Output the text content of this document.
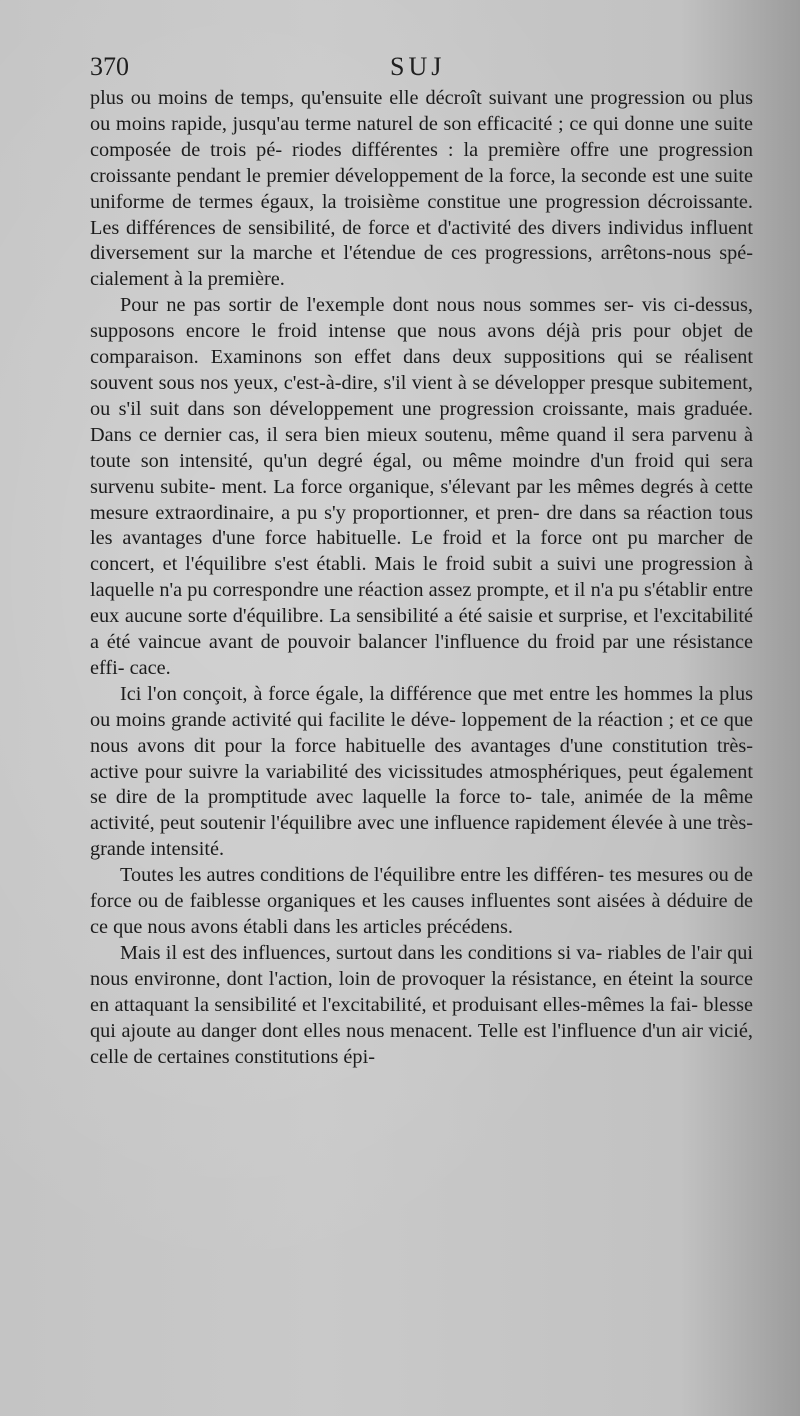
370	SUJ

plus ou moins de temps, qu'ensuite elle décroît suivant une progression ou plus ou moins rapide, jusqu'au terme naturel de son efficacité ; ce qui donne une suite composée de trois pé- riodes différentes : la première offre une progression croissante pendant le premier développement de la force, la seconde est une suite uniforme de termes égaux, la troisième constitue une progression décroissante. Les différences de sensibilité, de force et d'activité des divers individus influent diversement sur la marche et l'étendue de ces progressions, arrêtons-nous spé- cialement à la première.

Pour ne pas sortir de l'exemple dont nous nous sommes ser- vis ci-dessus, supposons encore le froid intense que nous avons déjà pris pour objet de comparaison. Examinons son effet dans deux suppositions qui se réalisent souvent sous nos yeux, c'est-à-dire, s'il vient à se développer presque subitement, ou s'il suit dans son développement une progression croissante, mais graduée. Dans ce dernier cas, il sera bien mieux soutenu, même quand il sera parvenu à toute son intensité, qu'un degré égal, ou même moindre d'un froid qui sera survenu subite- ment. La force organique, s'élevant par les mêmes degrés à cette mesure extraordinaire, a pu s'y proportionner, et pren- dre dans sa réaction tous les avantages d'une force habituelle. Le froid et la force ont pu marcher de concert, et l'équilibre s'est établi. Mais le froid subit a suivi une progression à laquelle n'a pu correspondre une réaction assez prompte, et il n'a pu s'établir entre eux aucune sorte d'équilibre. La sensibilité a été saisie et surprise, et l'excitabilité a été vaincue avant de pouvoir balancer l'influence du froid par une résistance effi- cace.

Ici l'on conçoit, à force égale, la différence que met entre les hommes la plus ou moins grande activité qui facilite le déve- loppement de la réaction ; et ce que nous avons dit pour la force habituelle des avantages d'une constitution très-active pour suivre la variabilité des vicissitudes atmosphériques, peut également se dire de la promptitude avec laquelle la force to- tale, animée de la même activité, peut soutenir l'équilibre avec une influence rapidement élevée à une très-grande intensité.

Toutes les autres conditions de l'équilibre entre les différen- tes mesures ou de force ou de faiblesse organiques et les causes influentes sont aisées à déduire de ce que nous avons établi dans les articles précédens.

Mais il est des influences, surtout dans les conditions si va- riables de l'air qui nous environne, dont l'action, loin de provoquer la résistance, en éteint la source en attaquant la sensibilité et l'excitabilité, et produisant elles-mêmes la fai- blesse qui ajoute au danger dont elles nous menacent. Telle est l'influence d'un air vicié, celle de certaines constitutions épi-
